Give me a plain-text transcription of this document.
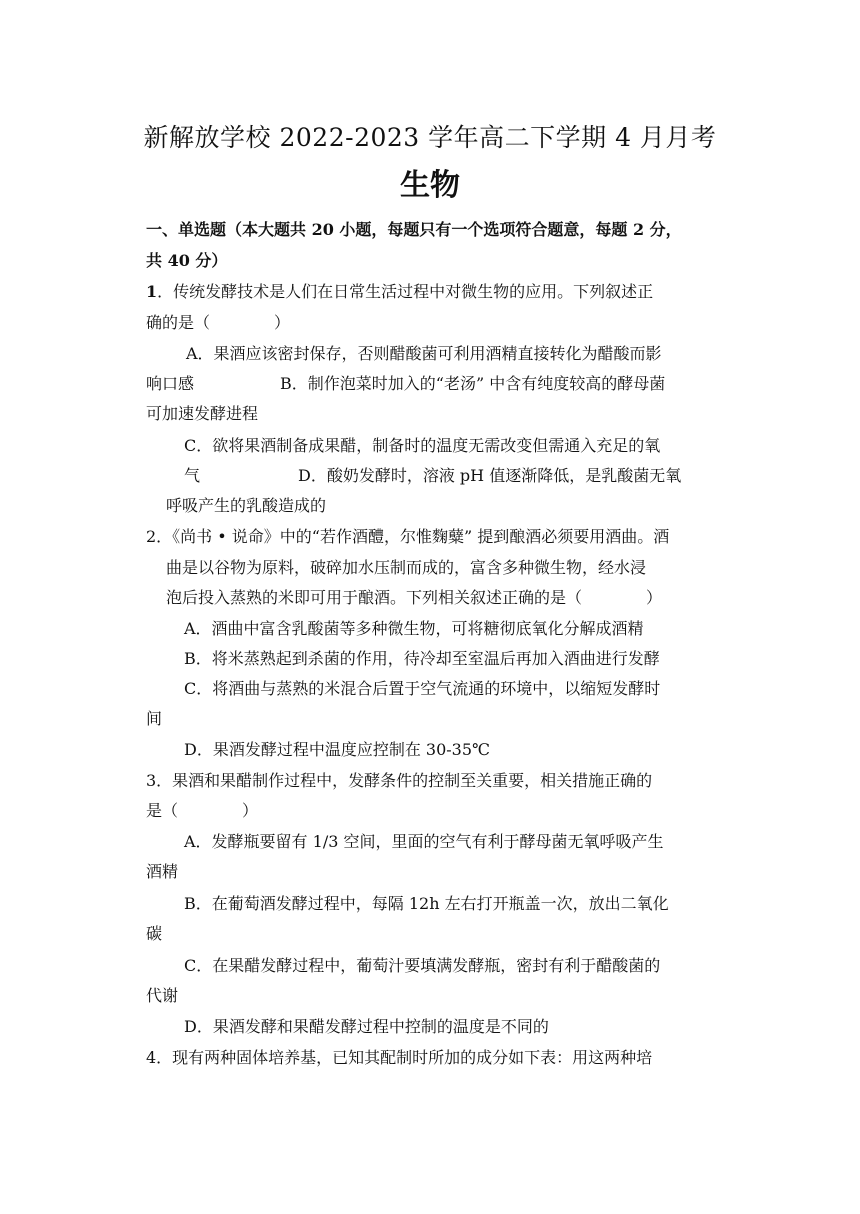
新解放学校 2022-2023 学年高二下学期 4 月月考
生物
一、单选题（本大题共 20 小题，每题只有一个选项符合题意，每题 2 分，
共 40 分）
1．传统发酵技术是人们在日常生活过程中对微生物的应用。下列叙述正
确的是（　　　　）
A．果酒应该密封保存，否则醋酸菌可利用酒精直接转化为醋酸而影
响口感	B．制作泡菜时加入的“老汤” 中含有纯度较高的酵母菌
可加速发酵进程
C．欲将果酒制备成果醋，制备时的温度无需改变但需通入充足的氧
气	D．酸奶发酵时，溶液 pH 值逐渐降低，是乳酸菌无氧
呼吸产生的乳酸造成的
2．《尚书 • 说命》中的“若作酒醴，尔惟麴糵” 提到酿酒必须要用酒曲。酒
曲是以谷物为原料，破碎加水压制而成的，富含多种微生物，经水浸
泡后投入蒸熟的米即可用于酿酒。下列相关叙述正确的是（　　　　）
A．酒曲中富含乳酸菌等多种微生物，可将糖彻底氧化分解成酒精
B．将米蒸熟起到杀菌的作用，待冷却至室温后再加入酒曲进行发酵
C．将酒曲与蒸熟的米混合后置于空气流通的环境中，以缩短发酵时
间
D．果酒发酵过程中温度应控制在 30-35℃
3．果酒和果醋制作过程中，发酵条件的控制至关重要，相关措施正确的
是（　　　　）
A．发酵瓶要留有 1/3 空间，里面的空气有利于酵母菌无氧呼吸产生
酒精
B．在葡萄酒发酵过程中，每隔 12h 左右打开瓶盖一次，放出二氧化
碳
C．在果醋发酵过程中，葡萄汁要填满发酵瓶，密封有利于醋酸菌的
代谢
D．果酒发酵和果醋发酵过程中控制的温度是不同的
4．现有两种固体培养基，已知其配制时所加的成分如下表：用这两种培
